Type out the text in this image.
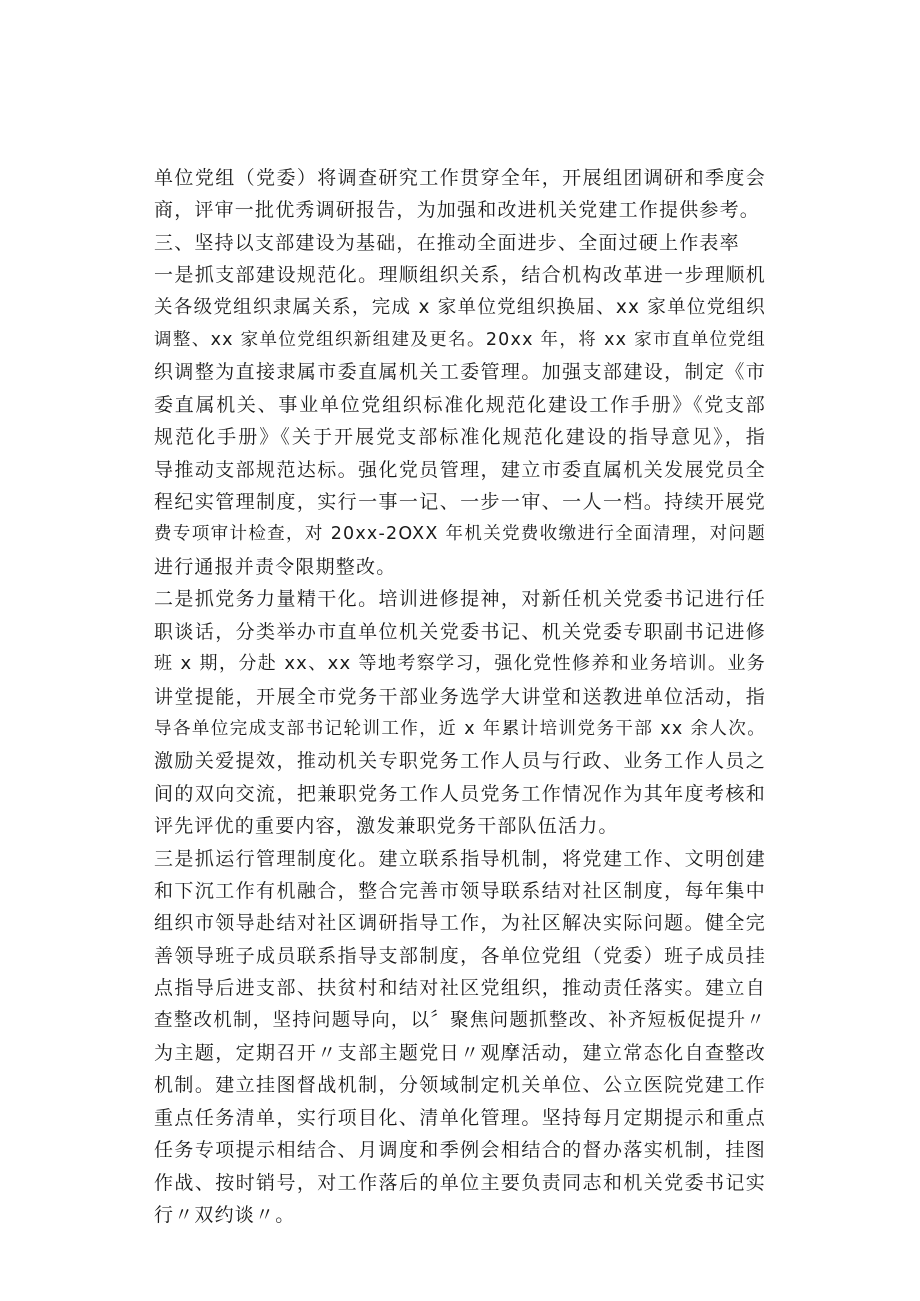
单位党组（党委）将调查研究工作贯穿全年，开展组团调研和季度会
商，评审一批优秀调研报告，为加强和改进机关党建工作提供参考。
三、坚持以支部建设为基础，在推动全面进步、全面过硬上作表率
一是抓支部建设规范化。理顺组织关系，结合机构改革进一步理顺机
关各级党组织隶属关系，完成 x 家单位党组织换届、xx 家单位党组织
调整、xx 家单位党组织新组建及更名。20xx 年，将 xx 家市直单位党组
织调整为直接隶属市委直属机关工委管理。加强支部建设，制定《市
委直属机关、事业单位党组织标准化规范化建设工作手册》《党支部
规范化手册》《关于开展党支部标准化规范化建设的指导意见》，指
导推动支部规范达标。强化党员管理，建立市委直属机关发展党员全
程纪实管理制度，实行一事一记、一步一审、一人一档。持续开展党
费专项审计检查，对 20xx-2OXX 年机关党费收缴进行全面清理，对问题
进行通报并责令限期整改。
二是抓党务力量精干化。培训进修提神，对新任机关党委书记进行任
职谈话，分类举办市直单位机关党委书记、机关党委专职副书记进修
班 x 期，分赴 xx、xx 等地考察学习，强化党性修养和业务培训。业务
讲堂提能，开展全市党务干部业务选学大讲堂和送教进单位活动，指
导各单位完成支部书记轮训工作，近 x 年累计培训党务干部 xx 余人次。
激励关爱提效，推动机关专职党务工作人员与行政、业务工作人员之
间的双向交流，把兼职党务工作人员党务工作情况作为其年度考核和
评先评优的重要内容，激发兼职党务干部队伍活力。
三是抓运行管理制度化。建立联系指导机制，将党建工作、文明创建
和下沉工作有机融合，整合完善市领导联系结对社区制度，每年集中
组织市领导赴结对社区调研指导工作，为社区解决实际问题。健全完
善领导班子成员联系指导支部制度，各单位党组（党委）班子成员挂
点指导后进支部、扶贫村和结对社区党组织，推动责任落实。建立自
查整改机制，坚持问题导向，以〞聚焦问题抓整改、补齐短板促提升〃
为主题，定期召开〃支部主题党日〃观摩活动，建立常态化自查整改
机制。建立挂图督战机制，分领域制定机关单位、公立医院党建工作
重点任务清单，实行项目化、清单化管理。坚持每月定期提示和重点
任务专项提示相结合、月调度和季例会相结合的督办落实机制，挂图
作战、按时销号，对工作落后的单位主要负责同志和机关党委书记实
行〃双约谈〃。
